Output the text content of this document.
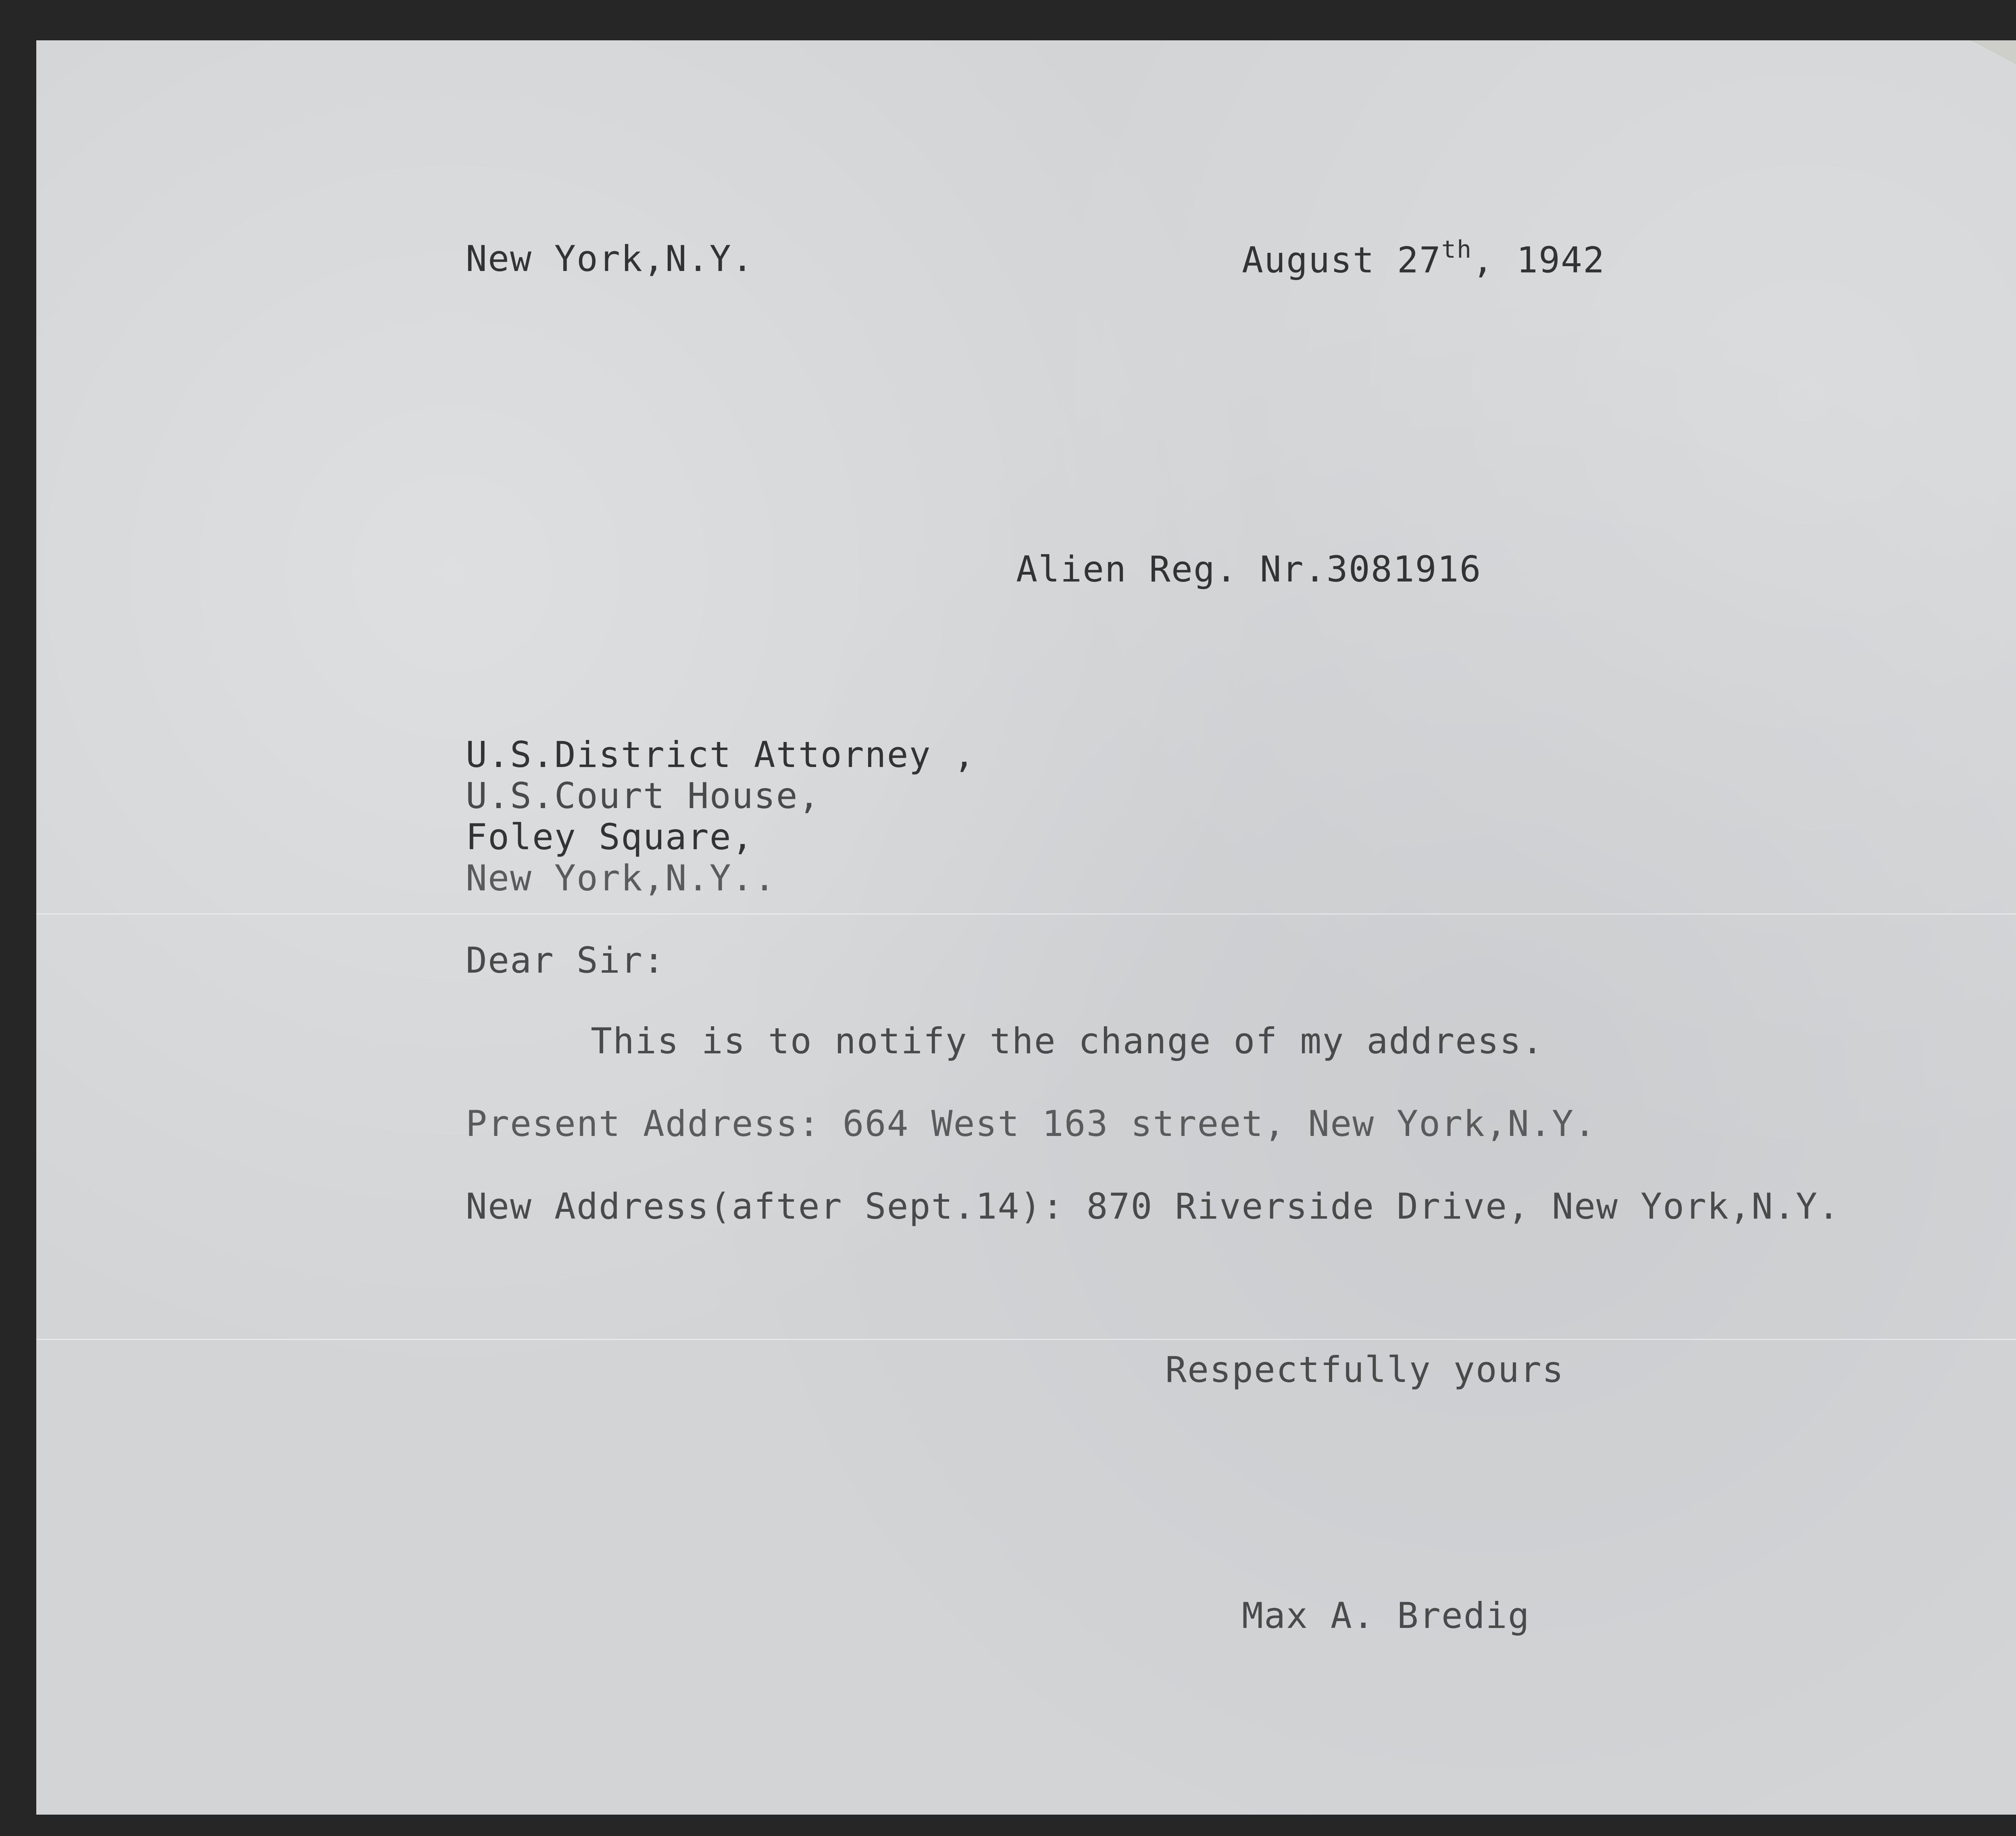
New York,N.Y.	August 27th, 1942
Alien Reg. Nr.3081916
U.S.District Attorney ,
U.S.Court House,
Foley Square,
New York,N.Y..
Dear Sir:
This is to notify the change of my address.
Present Address: 664 West 163 street, New York,N.Y.
New Address(after Sept.14): 870 Riverside Drive, New York,N.Y.
Respectfully yours
Max A. Bredig
